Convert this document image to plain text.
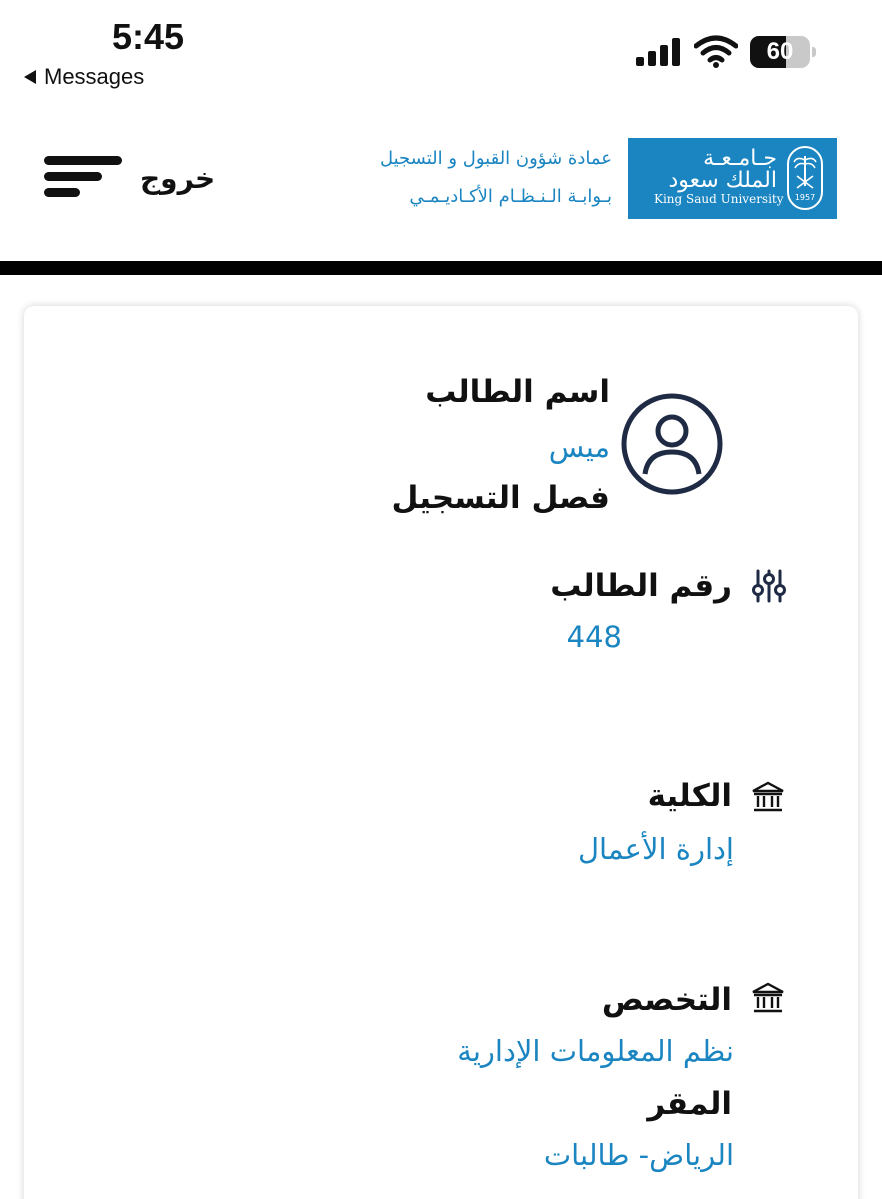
5:45
Messages
60
خروج
عمادة شؤون القبول و التسجيل
بـوابـة الـنـظـام الأكـاديـمـي
جـامـعـة
الملك سعود
King Saud University	1957
اسم الطالب
ميس
فصل التسجيل
رقم الطالب
448
الكلية
إدارة الأعمال
التخصص
نظم المعلومات الإدارية
المقر
الرياض- طالبات
